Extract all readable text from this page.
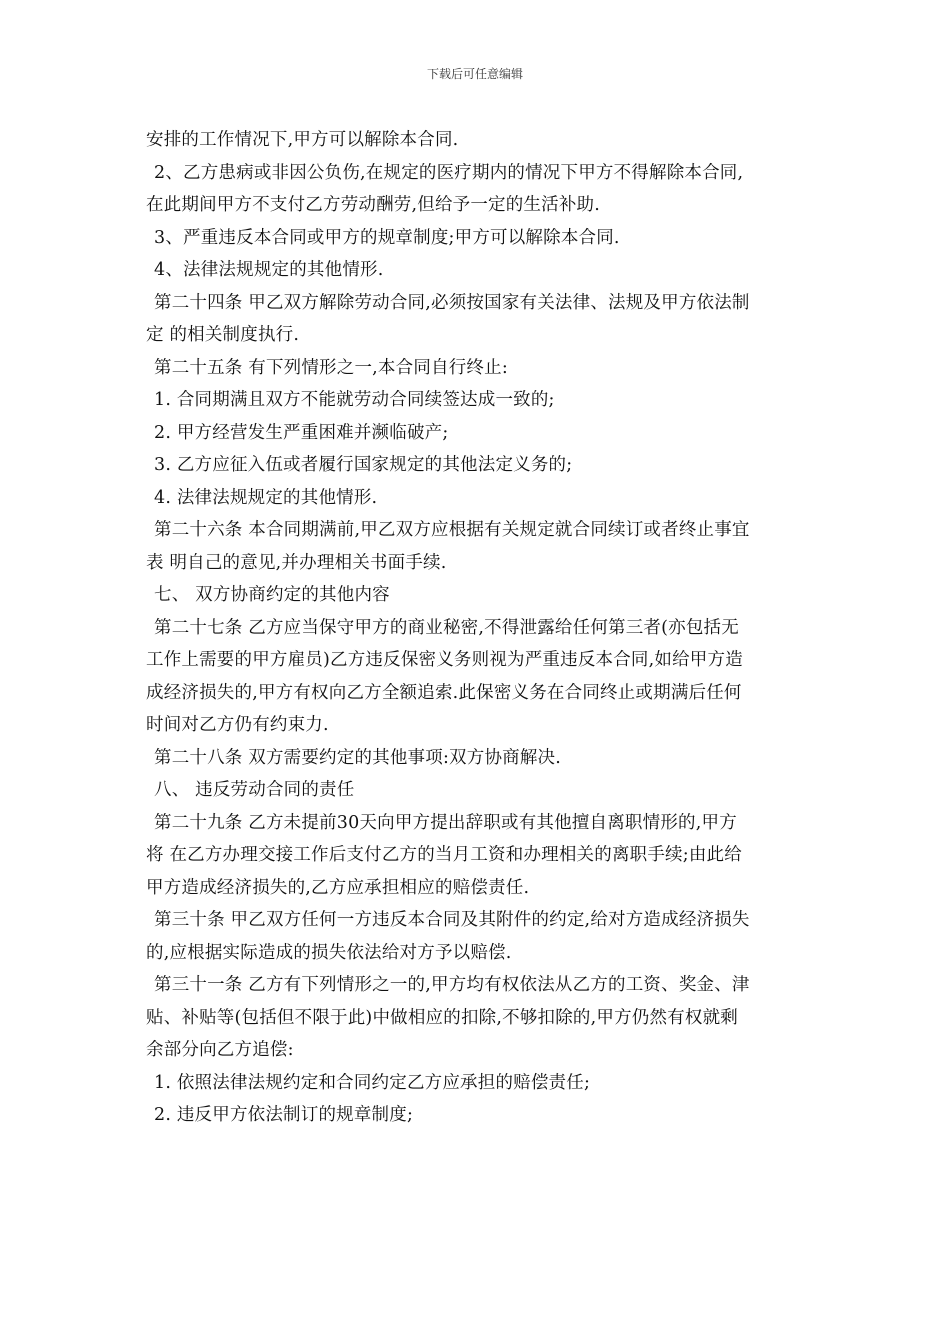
下载后可任意编辑

安排的工作情况下,甲方可以解除本合同.

2、乙方患病或非因公负伤,在规定的医疗期内的情况下甲方不得解除本合同,

在此期间甲方不支付乙方劳动酬劳,但给予一定的生活补助.

3、严重违反本合同或甲方的规章制度;甲方可以解除本合同.

4、法律法规规定的其他情形.

第二十四条 甲乙双方解除劳动合同,必须按国家有关法律、法规及甲方依法制

定 的相关制度执行.

第二十五条 有下列情形之一,本合同自行终止:

1. 合同期满且双方不能就劳动合同续签达成一致的;

2. 甲方经营发生严重困难并濒临破产;

3. 乙方应征入伍或者履行国家规定的其他法定义务的;

4. 法律法规规定的其他情形.

第二十六条 本合同期满前,甲乙双方应根据有关规定就合同续订或者终止事宜

表 明自己的意见,并办理相关书面手续.

七、 双方协商约定的其他内容

第二十七条 乙方应当保守甲方的商业秘密,不得泄露给任何第三者(亦包括无

工作上需要的甲方雇员)乙方违反保密义务则视为严重违反本合同,如给甲方造

成经济损失的,甲方有权向乙方全额追索.此保密义务在合同终止或期满后任何

时间对乙方仍有约束力.

第二十八条 双方需要约定的其他事项:双方协商解决.

八、 违反劳动合同的责任

第二十九条 乙方未提前30天向甲方提出辞职或有其他擅自离职情形的,甲方

将 在乙方办理交接工作后支付乙方的当月工资和办理相关的离职手续;由此给

甲方造成经济损失的,乙方应承担相应的赔偿责任.

第三十条 甲乙双方任何一方违反本合同及其附件的约定,给对方造成经济损失

的,应根据实际造成的损失依法给对方予以赔偿.

第三十一条 乙方有下列情形之一的,甲方均有权依法从乙方的工资、奖金、津

贴、补贴等(包括但不限于此)中做相应的扣除,不够扣除的,甲方仍然有权就剩

余部分向乙方追偿:

1. 依照法律法规约定和合同约定乙方应承担的赔偿责任;

2. 违反甲方依法制订的规章制度;
